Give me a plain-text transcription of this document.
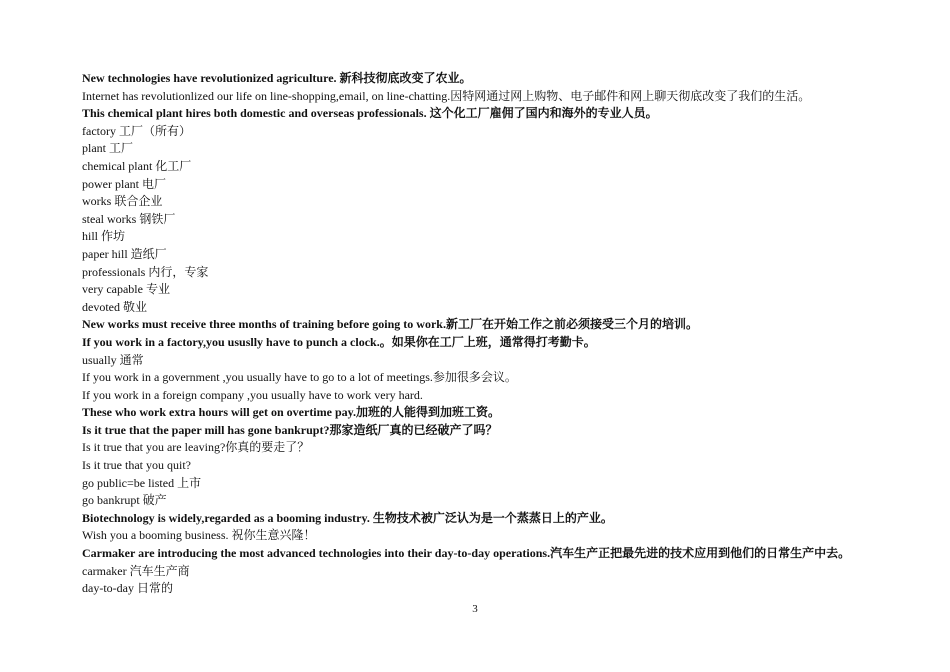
New technologies have revolutionized agriculture. 新科技彻底改变了农业。
Internet has revolutionlized our life on line-shopping,email, on line-chatting.因特网通过网上购物、电子邮件和网上聊天彻底改变了我们的生活。
This chemical plant hires both domestic and overseas professionals. 这个化工厂雇佣了国内和海外的专业人员。
factory 工厂（所有）
plant 工厂
chemical plant 化工厂
power plant 电厂
works 联合企业
steal works 钢铁厂
hill 作坊
paper hill 造纸厂
professionals 内行，专家
very capable 专业
devoted 敬业
New works must receive three months of training before going to work.新工厂在开始工作之前必须接受三个月的培训。
If you work in a factory,you ususlly have to punch a clock.。如果你在工厂上班，通常得打考勤卡。
usually 通常
If you work in a government ,you usually have to go to a lot of meetings.参加很多会议。
If you work in a foreign company ,you usually have to work very hard.
These who work extra hours will get on overtime pay.加班的人能得到加班工资。
Is it true that the paper mill has gone bankrupt?那家造纸厂真的已经破产了吗？
Is it true that you are leaving?你真的要走了？
Is it true that you quit?
go public=be listed 上市
go bankrupt 破产
Biotechnology is widely,regarded as a booming industry. 生物技术被广泛认为是一个蒸蒸日上的产业。
Wish you a booming business. 祝你生意兴隆！
Carmaker are introducing the most advanced technologies into their day-to-day operations.汽车生产正把最先进的技术应用到他们的日常生产中去。
carmaker 汽车生产商
day-to-day 日常的
3
